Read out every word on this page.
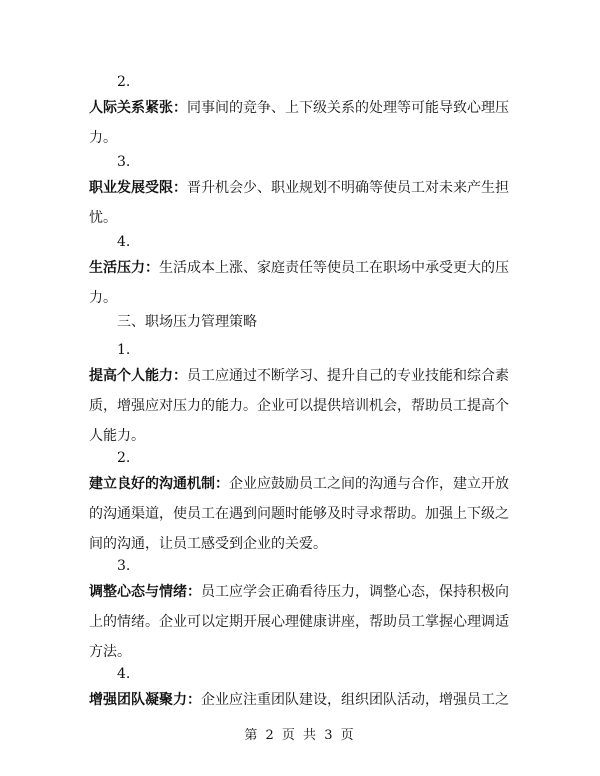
2.
人际关系紧张：同事间的竞争、上下级关系的处理等可能导致心理压力。
3.
职业发展受限：晋升机会少、职业规划不明确等使员工对未来产生担忧。
4.
生活压力：生活成本上涨、家庭责任等使员工在职场中承受更大的压力。
三、职场压力管理策略
1.
提高个人能力：员工应通过不断学习、提升自己的专业技能和综合素质，增强应对压力的能力。企业可以提供培训机会，帮助员工提高个人能力。
2.
建立良好的沟通机制：企业应鼓励员工之间的沟通与合作，建立开放的沟通渠道，使员工在遇到问题时能够及时寻求帮助。加强上下级之间的沟通，让员工感受到企业的关爱。
3.
调整心态与情绪：员工应学会正确看待压力，调整心态，保持积极向上的情绪。企业可以定期开展心理健康讲座，帮助员工掌握心理调适方法。
4.
增强团队凝聚力：企业应注重团队建设，组织团队活动，增强员工之
第 2 页 共 3 页
